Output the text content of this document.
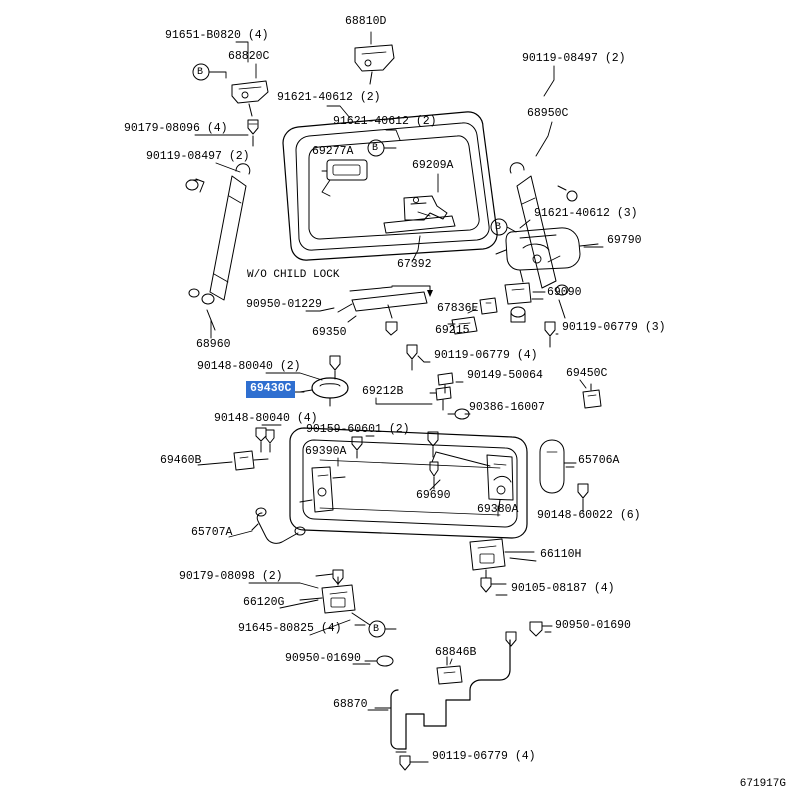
W/O CHILD LOCK
B
B
B
B
91651-B0820 (4)
68810D
68820C	90119-08497 (2)
91621-40612 (2)
90179-08096 (4)
91621-40612 (2)
68950C
90119-08497 (2)	69277A
69209A
91621-40612 (3)
69790
67392
69090
90950-01229	67836E
69350	69215	90119-06779 (3)
68960
90119-06779 (4)
90148-80040 (2)
90149-50064 69450C
69430C	69212B
90386-16007
90148-80040 (4)
90159-60601 (2)
69460B
69390A
65706A
69690
69380A 90148-60022 (6)
65707A
66110H
90179-08098 (2)
90105-08187 (4)
66120G
91645-80825 (4)	90950-01690
90950-01690	68846B
68870
90119-06779 (4)
671917G
